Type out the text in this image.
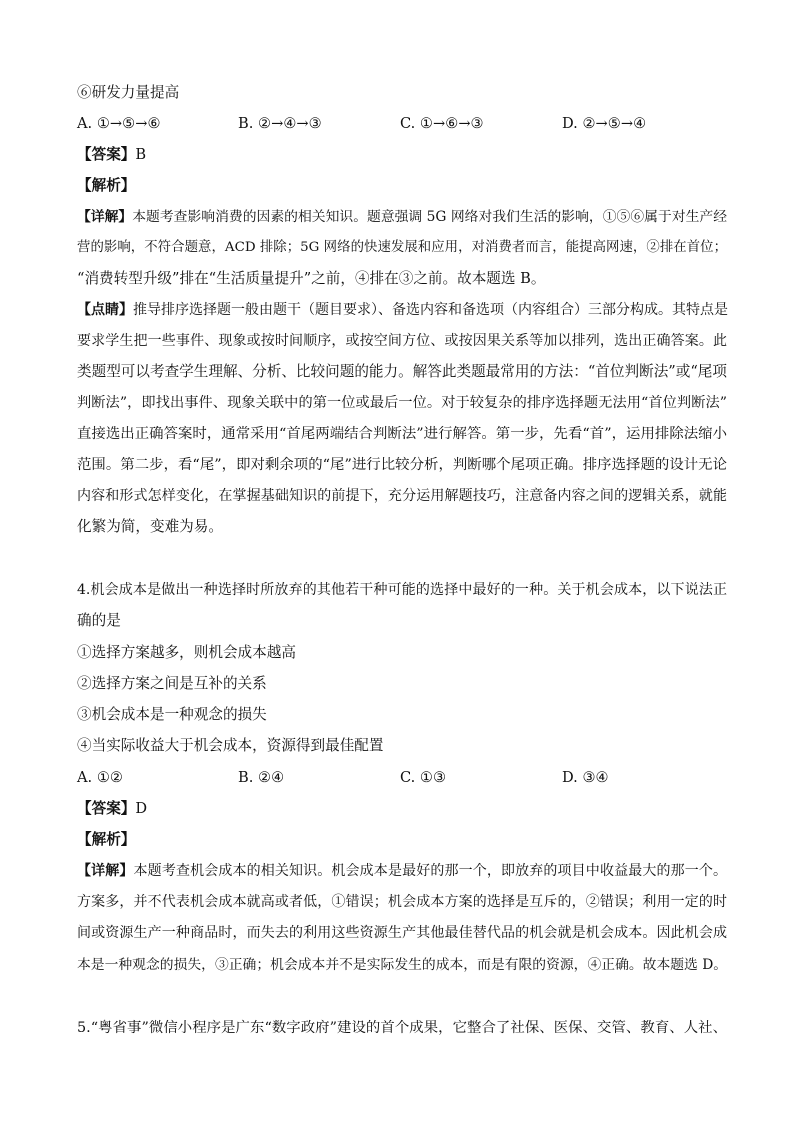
⑥研发力量提高
A. ①→⑤→⑥	B. ②→④→③	C. ①→⑥→③	D. ②→⑤→④
【答案】B
【解析】
【详解】本题考查影响消费的因素的相关知识。题意强调 5G 网络对我们生活的影响，①⑤⑥属于对生产经
营的影响，不符合题意，ACD 排除；5G 网络的快速发展和应用，对消费者而言，能提高网速，②排在首位；
“消费转型升级”排在“生活质量提升”之前，④排在③之前。故本题选 B。
【点睛】推导排序选择题一般由题干（题目要求）、备选内容和备选项（内容组合）三部分构成。其特点是
要求学生把一些事件、现象或按时间顺序，或按空间方位、或按因果关系等加以排列，选出正确答案。此
类题型可以考查学生理解、分析、比较问题的能力。解答此类题最常用的方法：“首位判断法”或“尾项
判断法”，即找出事件、现象关联中的第一位或最后一位。对于较复杂的排序选择题无法用“首位判断法”
直接选出正确答案时，通常采用“首尾两端结合判断法”进行解答。第一步，先看“首”，运用排除法缩小
范围。第二步，看“尾”，即对剩余项的“尾”进行比较分析，判断哪个尾项正确。排序选择题的设计无论
内容和形式怎样变化，在掌握基础知识的前提下，充分运用解题技巧，注意备内容之间的逻辑关系，就能
化繁为简，变难为易。
4.机会成本是做出一种选择时所放弃的其他若干种可能的选择中最好的一种。关于机会成本，以下说法正
确的是
①选择方案越多，则机会成本越高
②选择方案之间是互补的关系
③机会成本是一种观念的损失
④当实际收益大于机会成本，资源得到最佳配置
A. ①②	B. ②④	C. ①③	D. ③④
【答案】D
【解析】
【详解】本题考查机会成本的相关知识。机会成本是最好的那一个，即放弃的项目中收益最大的那一个。
方案多，并不代表机会成本就高或者低，①错误；机会成本方案的选择是互斥的，②错误；利用一定的时
间或资源生产一种商品时，而失去的利用这些资源生产其他最佳替代品的机会就是机会成本。因此机会成
本是一种观念的损失，③正确；机会成本并不是实际发生的成本，而是有限的资源，④正确。故本题选 D。
5.“粤省事”微信小程序是广东“数字政府”建设的首个成果，它整合了社保、医保、交管、教育、人社、
